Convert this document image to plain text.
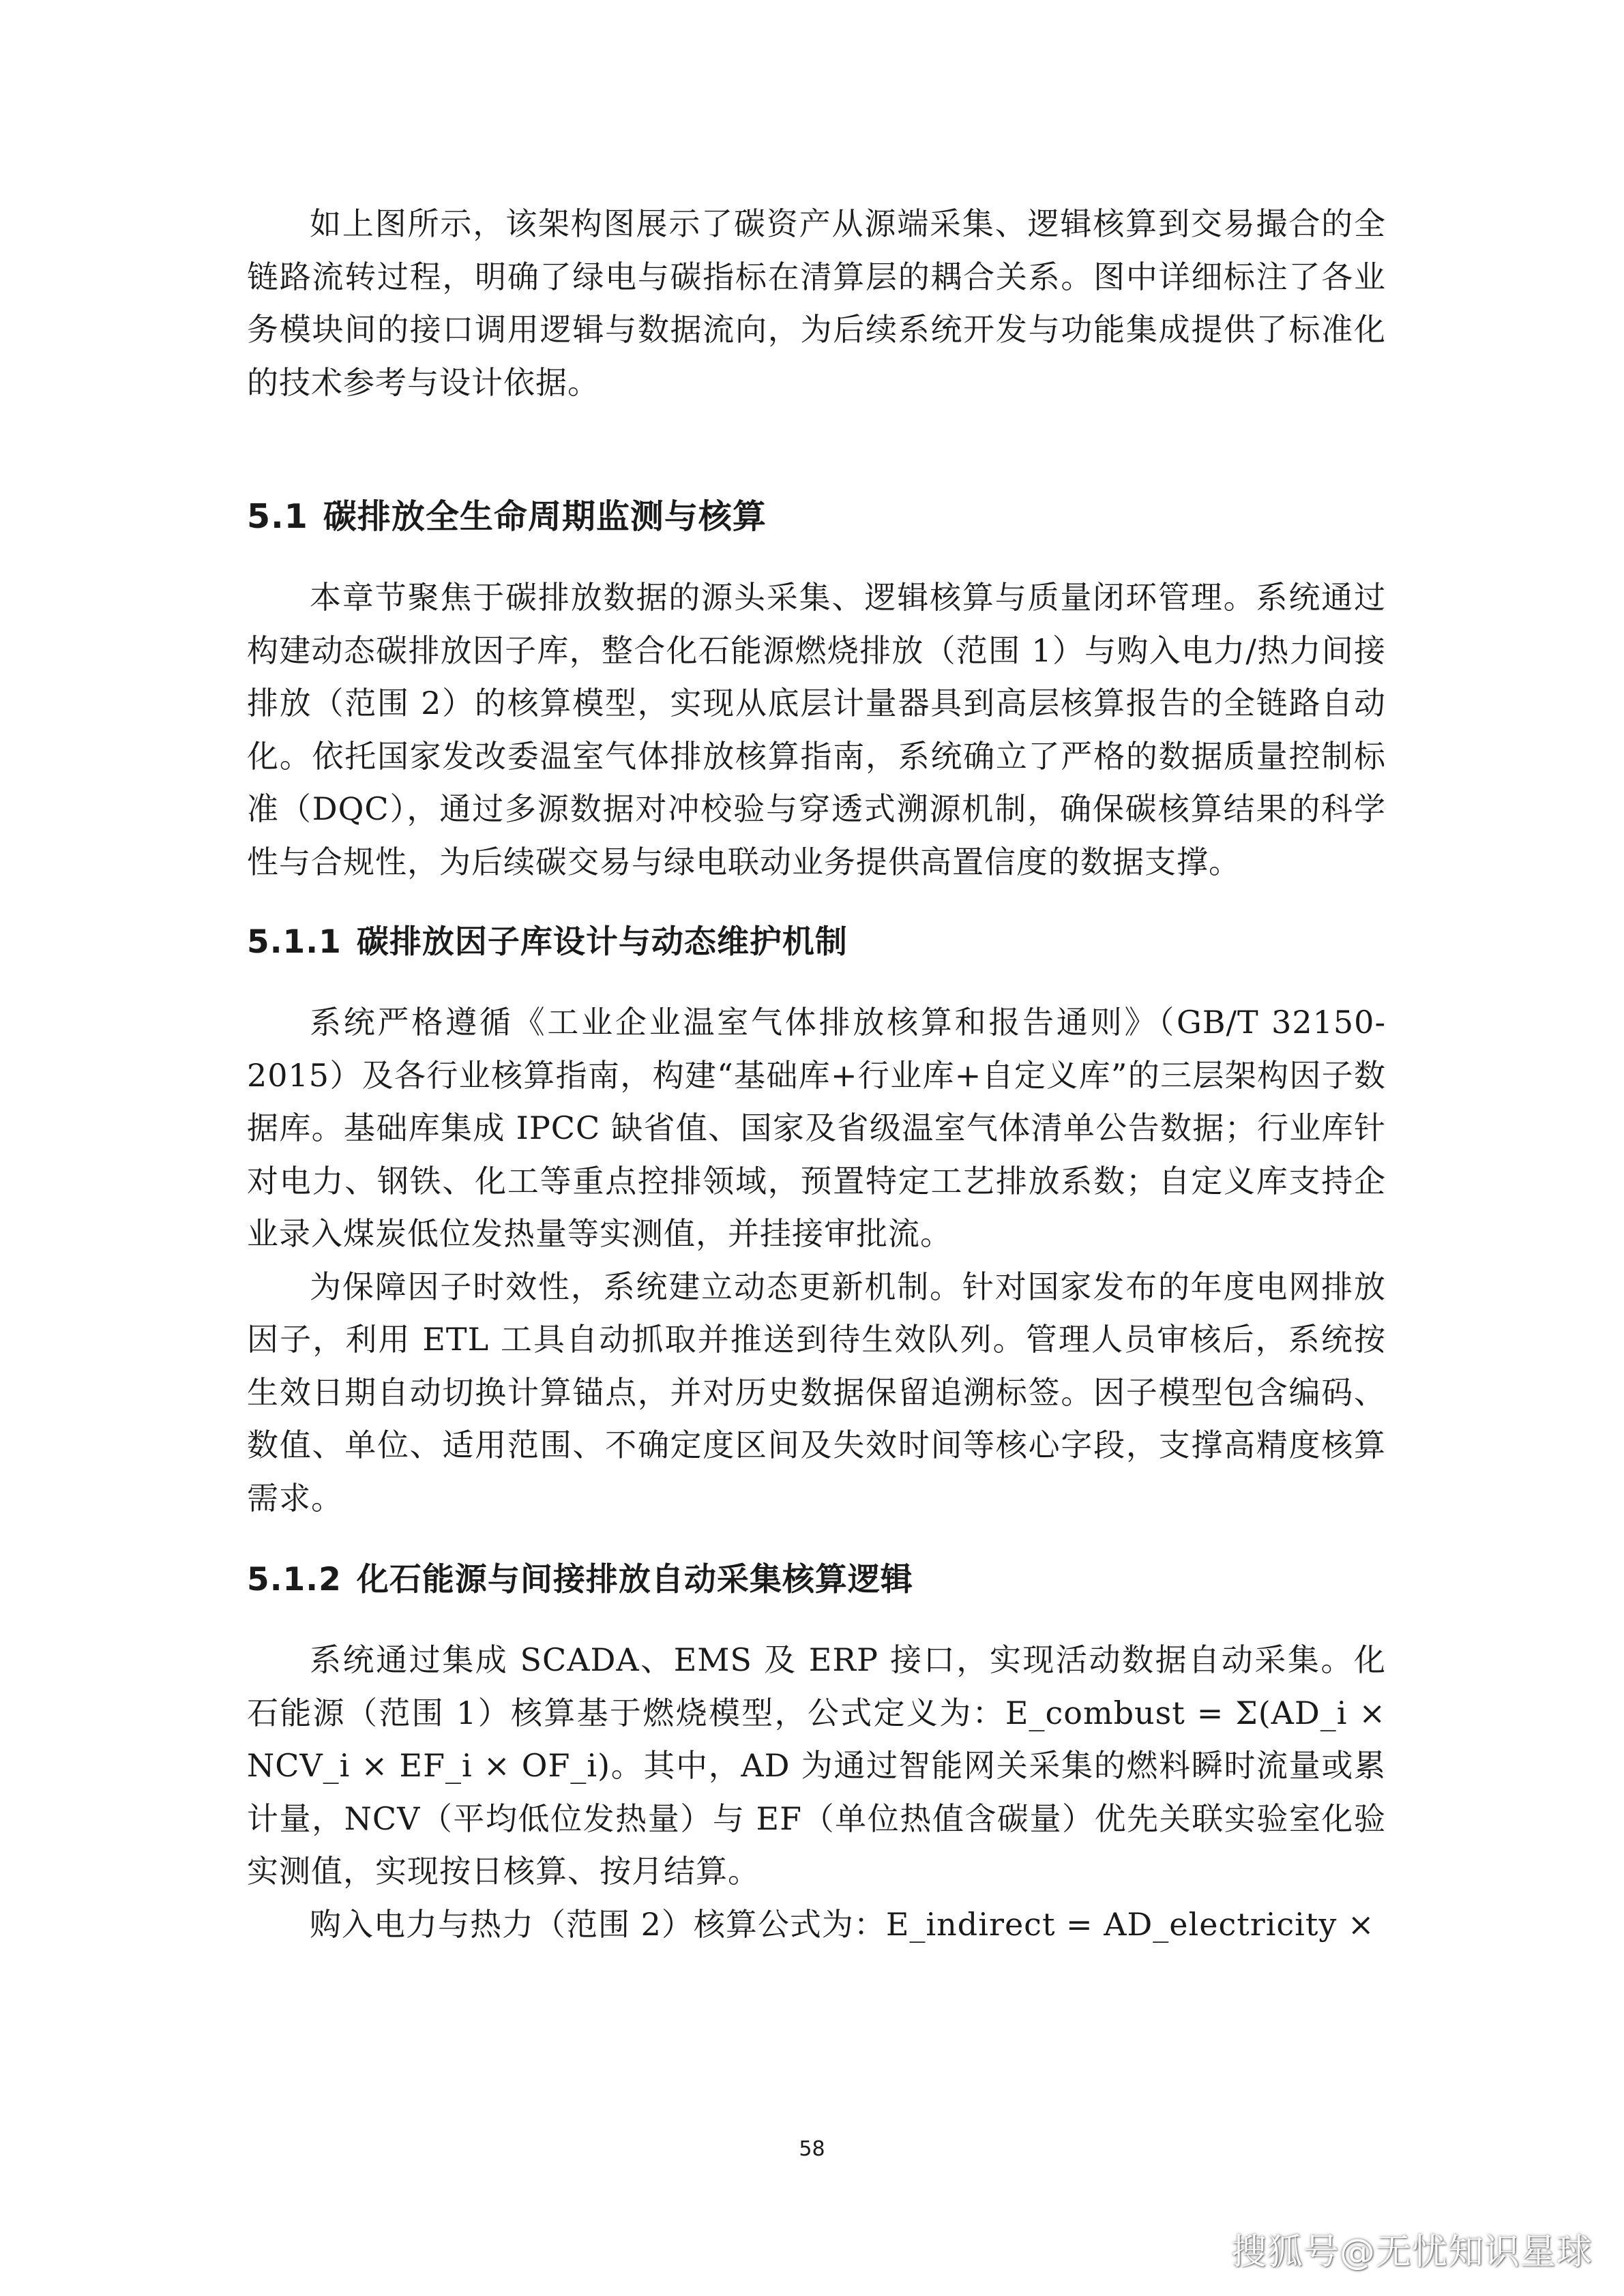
如上图所示，该架构图展示了碳资产从源端采集、逻辑核算到交易撮合的全链路流转过程，明确了绿电与碳指标在清算层的耦合关系。图中详细标注了各业务模块间的接口调用逻辑与数据流向，为后续系统开发与功能集成提供了标准化的技术参考与设计依据。

5.1 碳排放全生命周期监测与核算

本章节聚焦于碳排放数据的源头采集、逻辑核算与质量闭环管理。系统通过构建动态碳排放因子库，整合化石能源燃烧排放（范围 1）与购入电力/热力间接排放（范围 2）的核算模型，实现从底层计量器具到高层核算报告的全链路自动化。依托国家发改委温室气体排放核算指南，系统确立了严格的数据质量控制标准（DQC），通过多源数据对冲校验与穿透式溯源机制，确保碳核算结果的科学性与合规性，为后续碳交易与绿电联动业务提供高置信度的数据支撑。

5.1.1 碳排放因子库设计与动态维护机制

系统严格遵循《工业企业温室气体排放核算和报告通则》（GB/T 32150-2015）及各行业核算指南，构建“基础库+行业库+自定义库”的三层架构因子数据库。基础库集成 IPCC 缺省值、国家及省级温室气体清单公告数据；行业库针对电力、钢铁、化工等重点控排领域，预置特定工艺排放系数；自定义库支持企业录入煤炭低位发热量等实测值，并挂接审批流。

为保障因子时效性，系统建立动态更新机制。针对国家发布的年度电网排放因子，利用 ETL 工具自动抓取并推送到待生效队列。管理人员审核后，系统按生效日期自动切换计算锚点，并对历史数据保留追溯标签。因子模型包含编码、数值、单位、适用范围、不确定度区间及失效时间等核心字段，支撑高精度核算需求。

5.1.2 化石能源与间接排放自动采集核算逻辑

系统通过集成 SCADA、EMS 及 ERP 接口，实现活动数据自动采集。化石能源（范围 1）核算基于燃烧模型，公式定义为：E_combust = Σ(AD_i × NCV_i × EF_i × OF_i)。其中，AD 为通过智能网关采集的燃料瞬时流量或累计量，NCV（平均低位发热量）与 EF（单位热值含碳量）优先关联实验室化验实测值，实现按日核算、按月结算。

购入电力与热力（范围 2）核算公式为：E_indirect = AD_electricity ×

58
搜狐号@无忧知识星球
